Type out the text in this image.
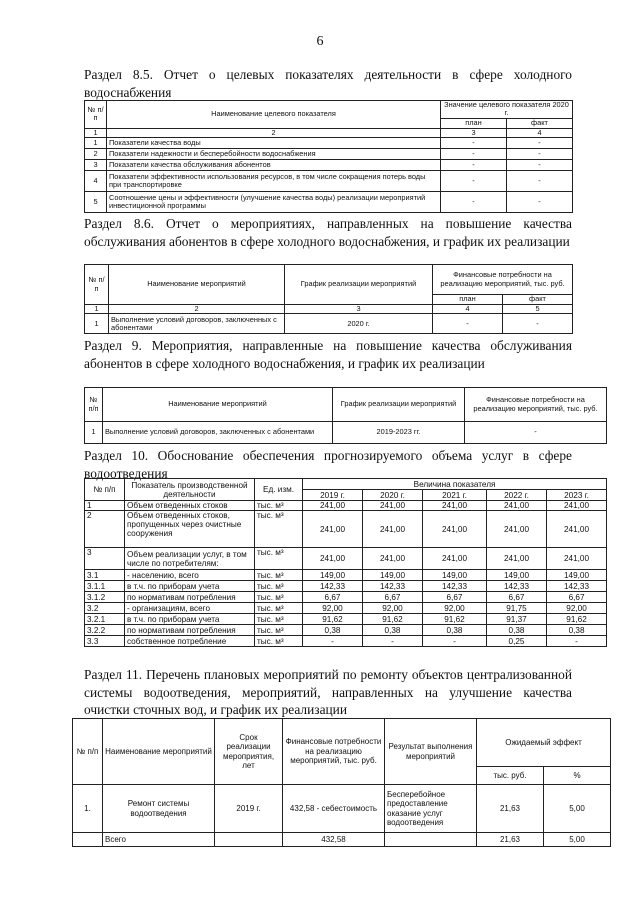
6
Раздел 8.5. Отчет о целевых показателях деятельности в сфере холодного водоснабжения
№ п/п	Наименование целевого показателя	Значение целевого показателя 2020 г.	
		план	факт
1	2	3	4
1	Показатели качества воды	-	-
2	Показатели надежности и бесперебойности водоснабжения	-	-
3	Показатели качества обслуживания абонентов	-	-
4	Показатели эффективности использования ресурсов, в том числе сокращения потерь воды при транспортировке	-	-
5	Соотношение цены и эффективности (улучшение качества воды) реализации мероприятий инвестиционной программы	-	-
Раздел 8.6. Отчет о мероприятиях, направленных на повышение качества обслуживания абонентов в сфере холодного водоснабжения, и график их реализации
№ п/п	Наименование мероприятий	График реализации мероприятий	Финансовые потребности на реализацию мероприятий, тыс. руб.	
			план	факт
1	2	3	4	5
1	Выполнение условий договоров, заключенных с абонентами	2020 г.	-	-
Раздел 9. Мероприятия, направленные на повышение качества обслуживания абонентов в сфере холодного водоснабжения, и график их реализации
№ п/п	Наименование мероприятий	График реализации мероприятий	Финансовые потребности на реализацию мероприятий, тыс. руб.
1	Выполнение условий договоров, заключенных с абонентами	2019-2023 гг.	-
Раздел 10. Обоснование обеспечения прогнозируемого объема услуг в сфере водоотведения
№ п/п	Показатель производственной деятельности	Ед. изм.	Величина показателя				
			2019 г.	2020 г.	2021 г.	2022 г.	2023 г.
1	Объем отведенных стоков	тыс. м³	241,00	241,00	241,00	241,00	241,00
2	Объем отведенных стоков, пропущенных через очистные сооружения	тыс. м³	241,00	241,00	241,00	241,00	241,00
3	Объем реализации услуг, в том числе по потребителям:	тыс. м³	241,00	241,00	241,00	241,00	241,00
3.1	- населению, всего	тыс. м³	149,00	149,00	149,00	149,00	149,00
3.1.1	в т.ч. по приборам учета	тыс. м³	142,33	142,33	142,33	142,33	142,33
3.1.2	по нормативам потребления	тыс. м³	6,67	6,67	6,67	6,67	6,67
3.2	- организациям, всего	тыс. м³	92,00	92,00	92,00	91,75	92,00
3.2.1	в т.ч. по приборам учета	тыс. м³	91,62	91,62	91,62	91,37	91,62
3.2.2	по нормативам потребления	тыс. м³	0,38	0,38	0,38	0,38	0,38
3.3	собственное потребление	тыс. м³	-	-	-	0,25	-
Раздел 11. Перечень плановых мероприятий по ремонту объектов централизованной системы водоотведения, мероприятий, направленных на улучшение качества очистки сточных вод, и график их реализации
№ п/п	Наименование мероприятий	Срок реализации мероприятия, лет	Финансовые потребности на реализацию мероприятий, тыс. руб.	Результат выполнения мероприятий	Ожидаемый эффект	
					тыс. руб.	%
1.	Ремонт системы водоотведения	2019 г.	432,58 - себестоимость	Бесперебойное предоставление оказание услуг водоотведения	21,63	5,00
	Всего		432,58		21,63	5,00
